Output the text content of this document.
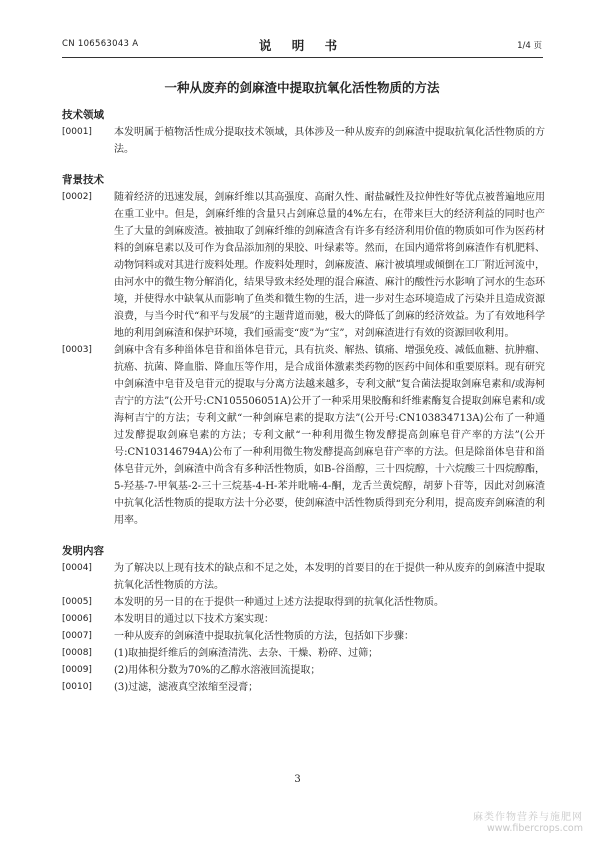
CN 106563043 A	说 明 书	1/4 页
一种从废弃的剑麻渣中提取抗氧化活性物质的方法

技术领域

[0001] 本发明属于植物活性成分提取技术领域，具体涉及一种从废弃的剑麻渣中提取抗氧化活性物质的方法。

背景技术

[0002] 随着经济的迅速发展，剑麻纤维以其高强度、高耐久性、耐盐碱性及拉伸性好等优点被普遍地应用在重工业中。但是，剑麻纤维的含量只占剑麻总量的4%左右，在带来巨大的经济利益的同时也产生了大量的剑麻废渣。被抽取了剑麻纤维的剑麻渣含有许多有经济利用价值的物质如可作为医药材料的剑麻皂素以及可作为食品添加剂的果胶、叶绿素等。然而，在国内通常将剑麻渣作有机肥料、动物饲料或对其进行废料处理。作废料处理时，剑麻废渣、麻汁被填埋或倾倒在工厂附近河流中，由河水中的微生物分解消化，结果导致未经处理的混合麻渣、麻汁的酸性污水影响了河水的生态环境，并使得水中缺氧从而影响了鱼类和微生物的生活，进一步对生态环境造成了污染并且造成资源浪费，与当今时代“和平与发展”的主题背道而驰，极大的降低了剑麻的经济效益。为了有效地科学地的利用剑麻渣和保护环境，我们亟需变“废”为“宝”，对剑麻渣进行有效的资源回收利用。
[0003] 剑麻中含有多种甾体皂苷和甾体皂苷元，具有抗炎、解热、镇痛、增强免疫、减低血糖、抗肿瘤、抗癌、抗菌、降血脂、降血压等作用，是合成甾体激素类药物的医药中间体和重要原料。现有研究中剑麻渣中皂苷及皂苷元的提取与分离方法越来越多，专利文献“复合菌法提取剑麻皂素和/或海柯吉宁的方法”(公开号:CN105506051A)公开了一种采用果胶酶和纤维素酶复合提取剑麻皂素和/或海柯吉宁的方法；专利文献“一种剑麻皂素的提取方法”(公开号:CN103834713A)公布了一种通过发酵提取剑麻皂素的方法；专利文献“一种利用微生物发酵提高剑麻皂苷产率的方法”(公开号:CN103146794A)公布了一种利用微生物发酵提高剑麻皂苷产率的方法。但是除甾体皂苷和甾体皂苷元外，剑麻渣中尚含有多种活性物质，如B-谷甾醇，三十四烷醇，十六烷酸三十四烷醇酯，5-羟基-7-甲氧基-2-三十三烷基-4-H-苯并吡喃-4-酮，龙舌兰黄烷醇，胡萝卜苷等，因此对剑麻渣中抗氧化活性物质的提取方法十分必要，使剑麻渣中活性物质得到充分利用，提高废弃剑麻渣的利用率。

发明内容

[0004] 为了解决以上现有技术的缺点和不足之处，本发明的首要目的在于提供一种从废弃的剑麻渣中提取抗氧化活性物质的方法。
[0005] 本发明的另一目的在于提供一种通过上述方法提取得到的抗氧化活性物质。
[0006] 本发明目的通过以下技术方案实现：
[0007] 一种从废弃的剑麻渣中提取抗氧化活性物质的方法，包括如下步骤：
[0008] (1)取抽提纤维后的剑麻渣清洗、去杂、干燥、粉碎、过筛；
[0009] (2)用体积分数为70%的乙醇水溶液回流提取；
[0010] (3)过滤，滤液真空浓缩至浸膏；
3
麻类作物营养与施肥网
www.fibercrops.com
